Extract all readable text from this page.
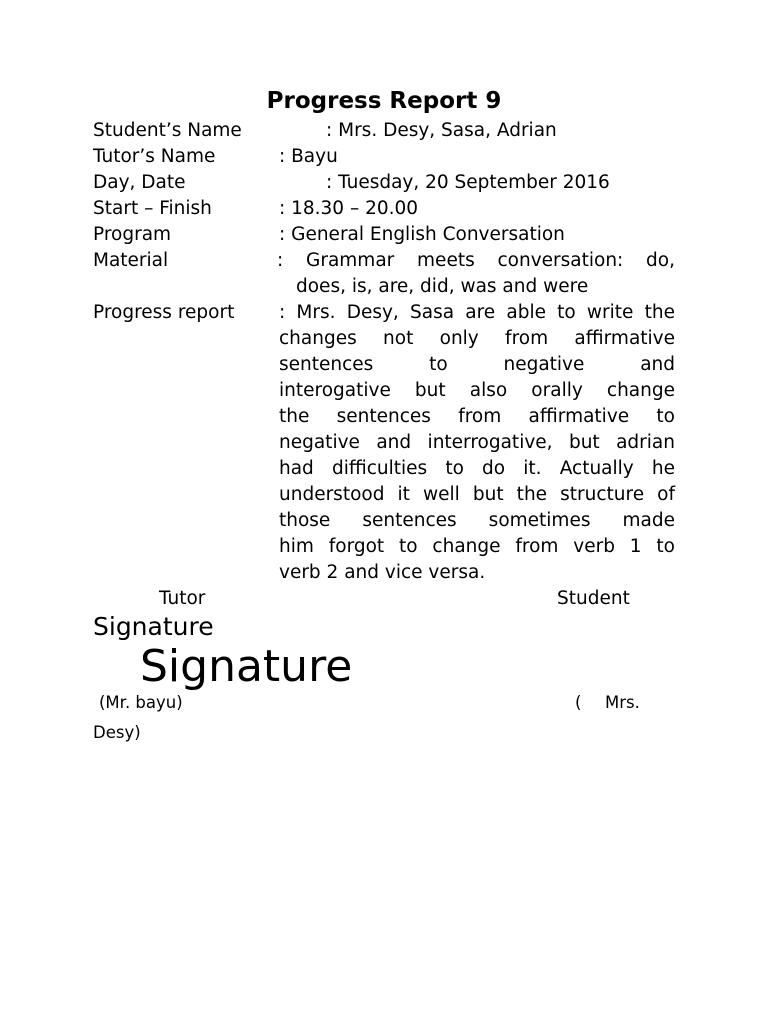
Progress Report 9
Student’s Name	: Mrs. Desy, Sasa, Adrian
Tutor’s Name	: Bayu
Day, Date	: Tuesday, 20 September 2016
Start – Finish	: 18.30 – 20.00
Program	: General English Conversation
Material	: Grammar meets conversation: do,
does, is, are, did, was and were
Progress report : Mrs. Desy, Sasa are able to write the
changes not only from affirmative
sentences to negative and
interogative but also orally change
the sentences from affirmative to
negative and interrogative, but adrian
had difficulties to do it. Actually he
understood it well but the structure of
those sentences sometimes made
him forgot to change from verb 1 to
verb 2 and vice versa.
Tutor	Student
Signature
Signature
(Mr. bayu)	( Mrs.
Desy)
